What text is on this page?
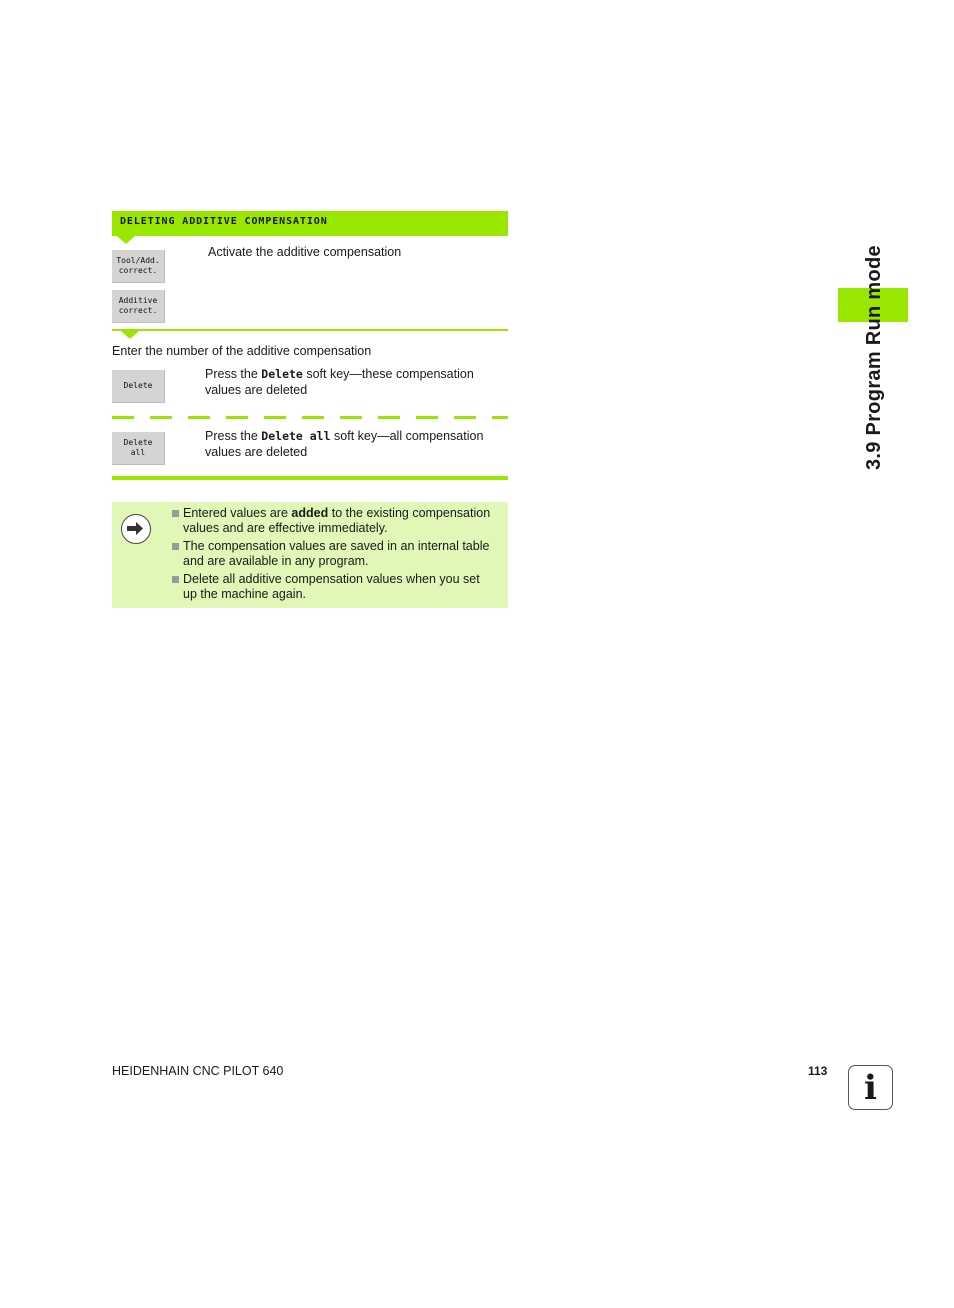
DELETING ADDITIVE COMPENSATION
Tool/Add.
correct.
Activate the additive compensation
Additive
correct.
Enter the number of the additive compensation
Delete
Press the Delete soft key—these compensation
values are deleted
Delete
all
Press the Delete all soft key—all compensation
values are deleted
Entered values are added to the existing compensation
values and are effective immediately.
The compensation values are saved in an internal table
and are available in any program.
Delete all additive compensation values when you set
up the machine again.
3.9 Program Run mode
HEIDENHAIN CNC PILOT 640	113 i
